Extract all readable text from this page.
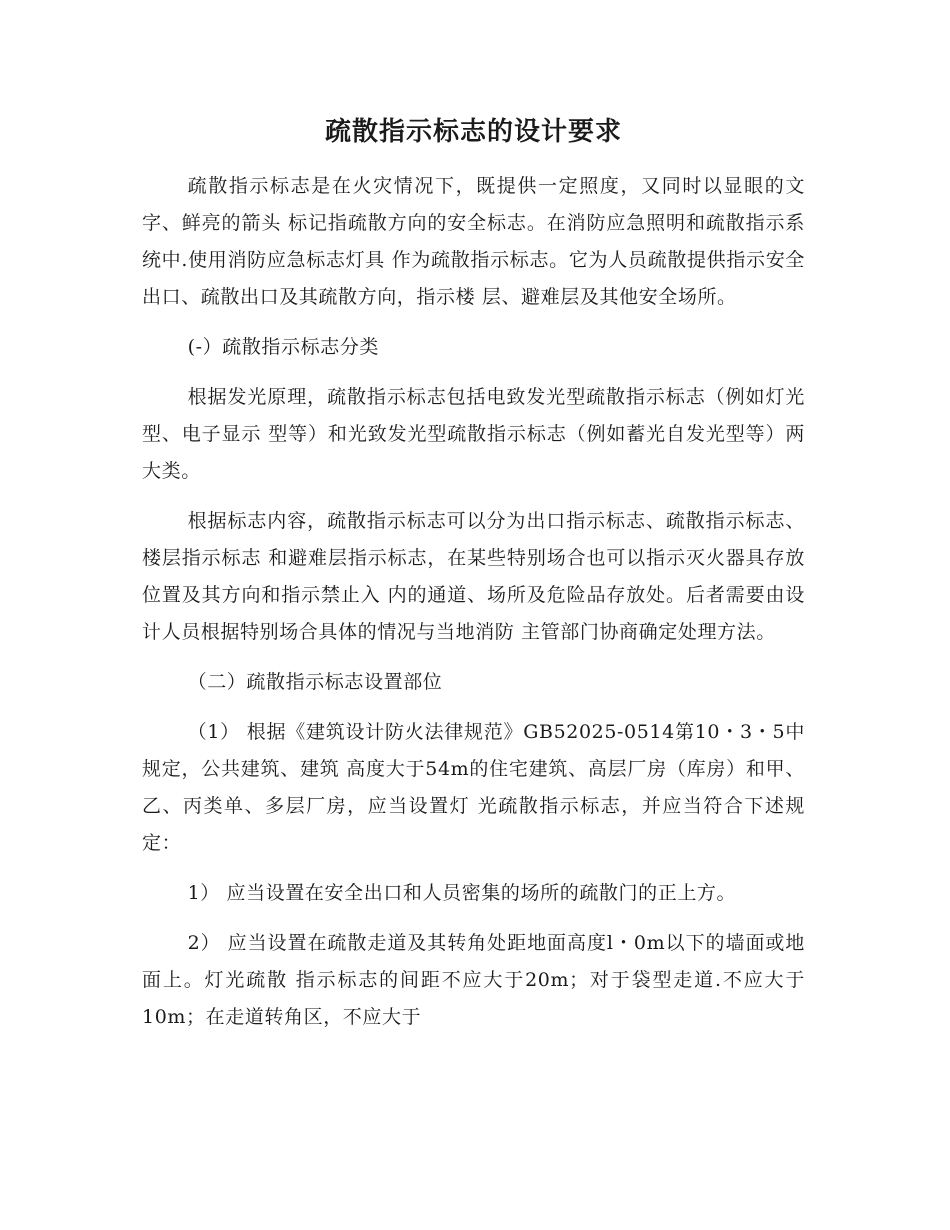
疏散指示标志的设计要求

疏散指示标志是在火灾情况下，既提供一定照度，又同时以显眼的文字、鲜亮的箭头 标记指疏散方向的安全标志。在消防应急照明和疏散指示系统中.使用消防应急标志灯具 作为疏散指示标志。它为人员疏散提供指示安全出口、疏散出口及其疏散方向，指示楼 层、避难层及其他安全场所。

(-）疏散指示标志分类

根据发光原理，疏散指示标志包括电致发光型疏散指示标志（例如灯光型、电子显示 型等）和光致发光型疏散指示标志（例如蓄光自发光型等）两大类。

根据标志内容，疏散指示标志可以分为出口指示标志、疏散指示标志、楼层指示标志 和避难层指示标志，在某些特别场合也可以指示灭火器具存放位置及其方向和指示禁止入 内的通道、场所及危险品存放处。后者需要由设计人员根据特别场合具体的情况与当地消防 主管部门协商确定处理方法。

（二）疏散指示标志设置部位

（1） 根据《建筑设计防火法律规范》GB52025-0514第10・3・5中规定，公共建筑、建筑 高度大于54m的住宅建筑、高层厂房（库房）和甲、乙、丙类单、多层厂房，应当设置灯 光疏散指示标志，并应当符合下述规定：

1） 应当设置在安全出口和人员密集的场所的疏散门的正上方。

2） 应当设置在疏散走道及其转角处距地面高度l・0m以下的墙面或地面上。灯光疏散 指示标志的间距不应大于20m；对于袋型走道.不应大于10m；在走道转角区，不应大于
